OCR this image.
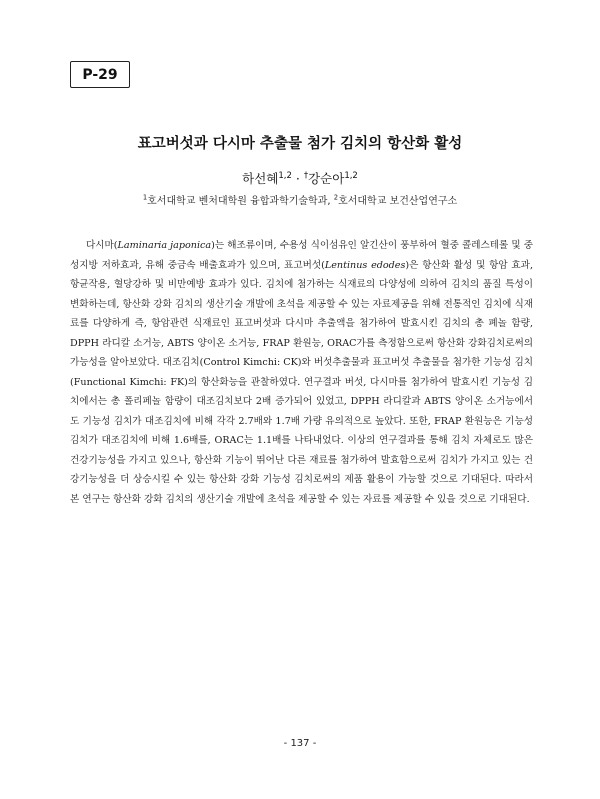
P-29
표고버섯과 다시마 추출물 첨가 김치의 항산화 활성
하선혜$^{1,2}$ · †강순아$^{1,2}$
$^1$호서대학교 벤처대학원 융합과학기술학과, $^2$호서대학교 보건산업연구소

다시마(Laminaria japonica)는 해조류이며, 수용성 식이섬유인 알긴산이 풍부하여 혈중 콜레스테롤 및 중성지방 저하효과, 유해 중금속 배출효과가 있으며, 표고버섯(Lentinus edodes)은 항산화 활성 및 항암 효과, 항균작용, 혈당강하 및 비만예방 효과가 있다. 김치에 첨가하는 식재료의 다양성에 의하여 김치의 품질 특성이 변화하는데, 항산화 강화 김치의 생산기술 개발에 초석을 제공할 수 있는 자료제공을 위해 전통적인 김치에 식재료를 다양하게 즉, 항암관련 식재료인 표고버섯과 다시마 추출액을 첨가하여 발효시킨 김치의 총 폐놀 함량, DPPH 라디칼 소거능, ABTS 양이온 소거능, FRAP 환원능, ORAC가를 측정함으로써 항산화 강화김치로써의 가능성을 알아보았다. 대조김치(Control Kimchi: CK)와 버섯추출물과 표고버섯 추출물을 첨가한 기능성 김치(Functional Kimchi: FK)의 항산화능을 관찰하였다. 연구결과 버섯, 다시마를 첨가하여 발효시킨 기능성 김치에서는 총 폴리페놀 함량이 대조김치보다 2배 증가되어 있었고, DPPH 라디칼과 ABTS 양이온 소거능에서도 기능성 김치가 대조김치에 비해 각각 2.7배와 1.7배 가량 유의적으로 높았다. 또한, FRAP 환원능은 기능성 김치가 대조김치에 비해 1.6배를, ORAC는 1.1배를 나타내었다. 이상의 연구결과를 통해 김치 자체로도 많은 건강기능성을 가지고 있으나, 항산화 기능이 뛰어난 다른 재료를 첨가하여 발효함으로써 김치가 가지고 있는 건강기능성을 더 상승시킬 수 있는 항산화 강화 기능성 김치로써의 제품 활용이 가능할 것으로 기대된다. 따라서 본 연구는 항산화 강화 김치의 생산기술 개발에 초석을 제공할 수 있는 자료를 제공할 수 있을 것으로 기대된다.

- 137 -
